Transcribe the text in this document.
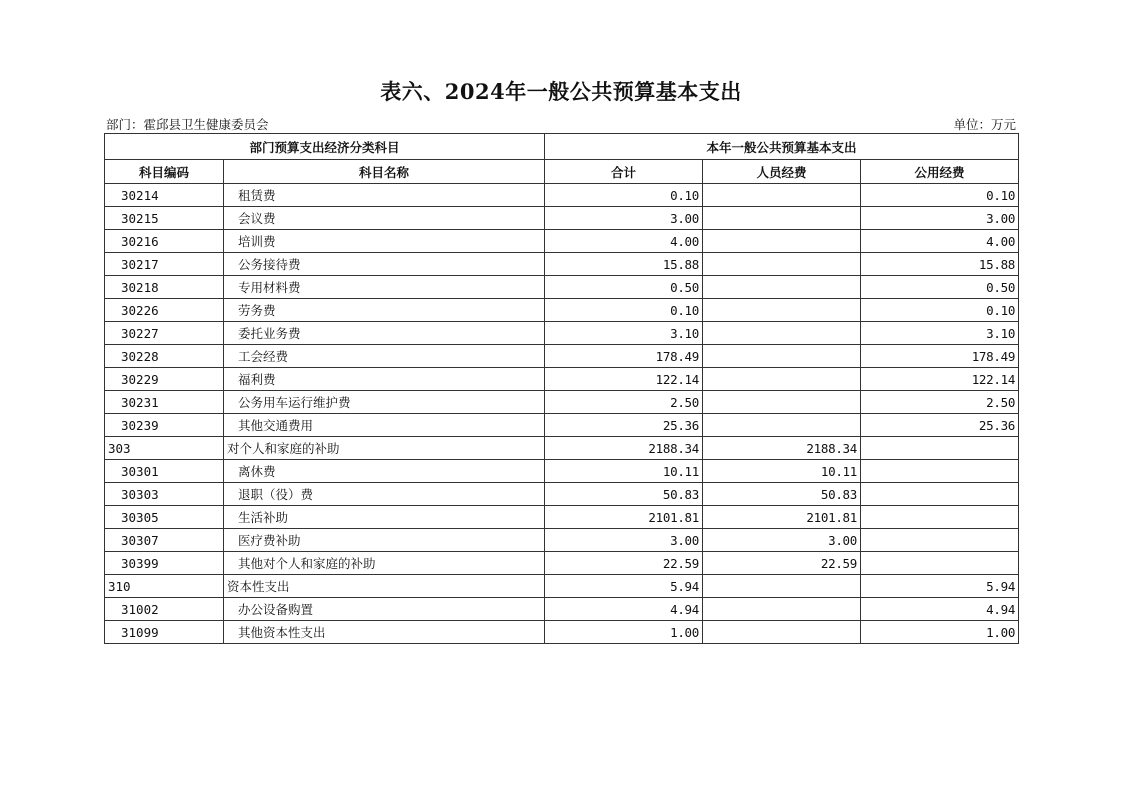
表六、2024年一般公共预算基本支出
部门：霍邱县卫生健康委员会	单位：万元
部门预算支出经济分类科目		本年一般公共预算基本支出		
科目编码	科目名称	合计	人员经费	公用经费
30214	租赁费	0.10		0.10
30215	会议费	3.00		3.00
30216	培训费	4.00		4.00
30217	公务接待费	15.88		15.88
30218	专用材料费	0.50		0.50
30226	劳务费	0.10		0.10
30227	委托业务费	3.10		3.10
30228	工会经费	178.49		178.49
30229	福利费	122.14		122.14
30231	公务用车运行维护费	2.50		2.50
30239	其他交通费用	25.36		25.36
303	对个人和家庭的补助	2188.34	2188.34	
30301	离休费	10.11	10.11	
30303	退职（役）费	50.83	50.83	
30305	生活补助	2101.81	2101.81	
30307	医疗费补助	3.00	3.00	
30399	其他对个人和家庭的补助	22.59	22.59	
310	资本性支出	5.94		5.94
31002	办公设备购置	4.94		4.94
31099	其他资本性支出	1.00		1.00
